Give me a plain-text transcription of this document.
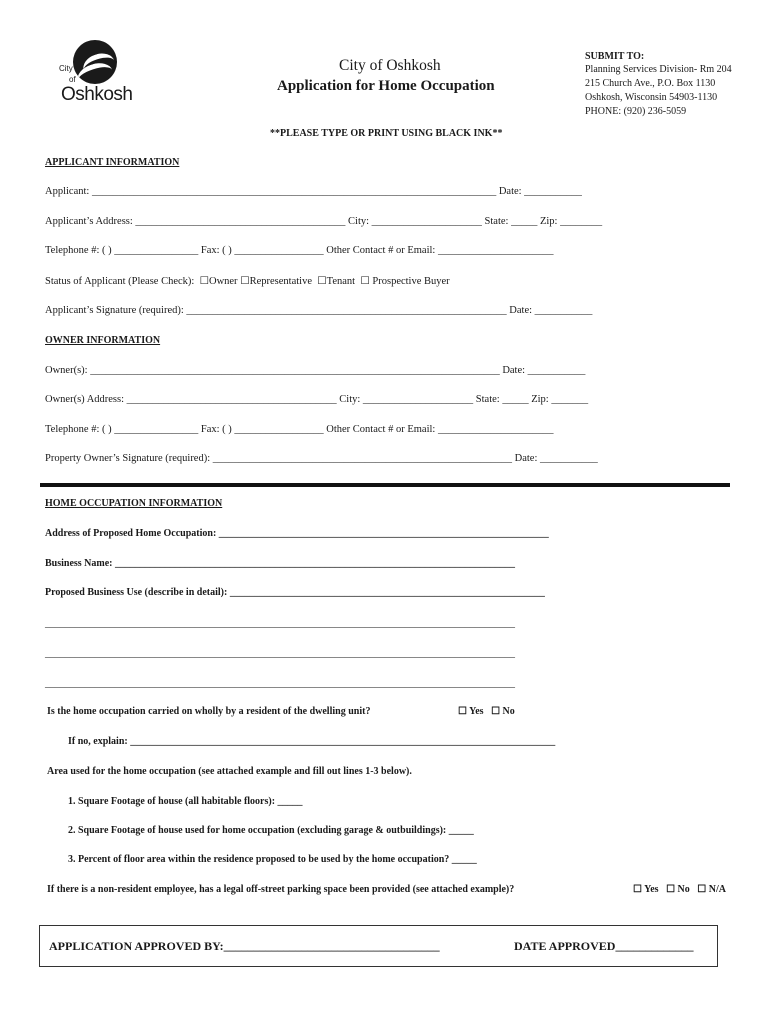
City
of
Oshkosh
City of Oshkosh
Application for Home Occupation
SUBMIT TO:
Planning Services Division- Rm 204
215 Church Ave., P.O. Box 1130
Oshkosh, Wisconsin 54903-1130
PHONE: (920) 236-5059
**PLEASE TYPE OR PRINT USING BLACK INK**
APPLICANT INFORMATION
Applicant: _____________________________________________________________________________ Date: ___________
Applicant’s Address: ________________________________________ City: _____________________ State: _____ Zip: ________
Telephone #: ( ) ________________ Fax: ( ) _________________ Other Contact # or Email: ______________________
Status of Applicant (Please Check):  ☐Owner ☐Representative ☐Tenant ☐ Prospective Buyer
Applicant’s Signature (required): _____________________________________________________________ Date: ___________
OWNER INFORMATION
Owner(s): ______________________________________________________________________________ Date: ___________
Owner(s) Address: ________________________________________ City: _____________________ State: _____ Zip: _______
Telephone #: ( ) ________________ Fax: ( ) _________________ Other Contact # or Email: ______________________
Property Owner’s Signature (required): _________________________________________________________ Date: ___________
HOME OCCUPATION INFORMATION
Address of Proposed Home Occupation: __________________________________________________________________
Business Name: ________________________________________________________________________________
Proposed Business Use (describe in detail): _______________________________________________________________
______________________________________________________________________________________________
______________________________________________________________________________________________
______________________________________________________________________________________________
Is the home occupation carried on wholly by a resident of the dwelling unit?	☐ Yes ☐ No
If no, explain: _____________________________________________________________________________________
Area used for the home occupation (see attached example and fill out lines 1-3 below).
1. Square Footage of house (all habitable floors): _____
2. Square Footage of house used for home occupation (excluding garage & outbuildings): _____
3. Percent of floor area within the residence proposed to be used by the home occupation? _____
If there is a non-resident employee, has a legal off-street parking space been provided (see attached example)?	☐ Yes ☐ No ☐ N/A
APPLICATION APPROVED BY:____________________________________	DATE APPROVED_____________
